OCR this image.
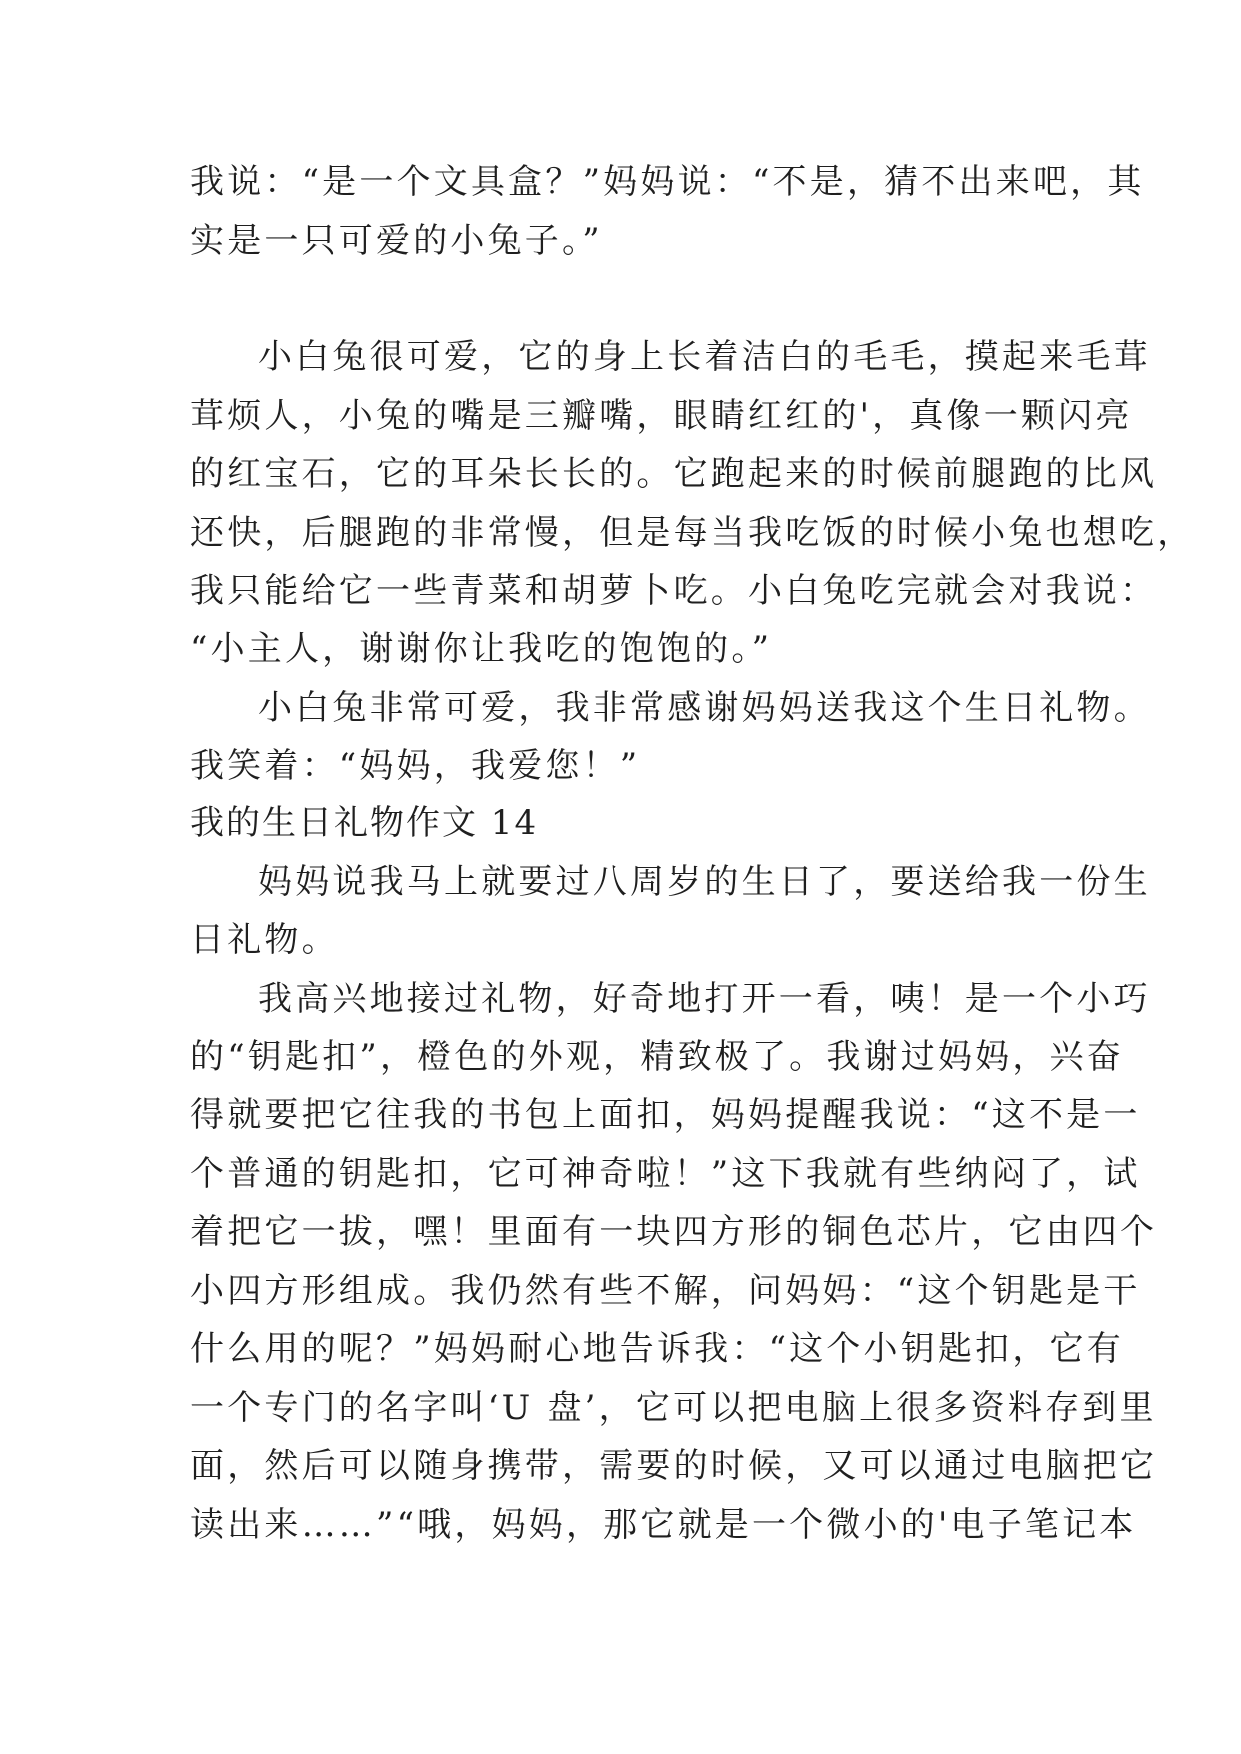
我说：“是一个文具盒？”妈妈说：“不是，猜不出来吧，其
实是一只可爱的小兔子。”
小白兔很可爱，它的身上长着洁白的毛毛，摸起来毛茸
茸烦人，小兔的嘴是三瓣嘴，眼睛红红的'，真像一颗闪亮
的红宝石，它的耳朵长长的。它跑起来的时候前腿跑的比风
还快，后腿跑的非常慢，但是每当我吃饭的时候小兔也想吃，
我只能给它一些青菜和胡萝卜吃。小白兔吃完就会对我说：
“小主人，谢谢你让我吃的饱饱的。”
小白兔非常可爱，我非常感谢妈妈送我这个生日礼物。
我笑着：“妈妈，我爱您！”
我的生日礼物作文 14
妈妈说我马上就要过八周岁的生日了，要送给我一份生
日礼物。
我高兴地接过礼物，好奇地打开一看，咦！是一个小巧
的“钥匙扣”，橙色的外观，精致极了。我谢过妈妈，兴奋
得就要把它往我的书包上面扣，妈妈提醒我说：“这不是一
个普通的钥匙扣，它可神奇啦！”这下我就有些纳闷了，试
着把它一拔，嘿！里面有一块四方形的铜色芯片，它由四个
小四方形组成。我仍然有些不解，问妈妈：“这个钥匙是干
什么用的呢？”妈妈耐心地告诉我：“这个小钥匙扣，它有
一个专门的名字叫‘U 盘’，它可以把电脑上很多资料存到里
面，然后可以随身携带，需要的时候，又可以通过电脑把它
读出来……”“哦，妈妈，那它就是一个微小的'电子笔记本
